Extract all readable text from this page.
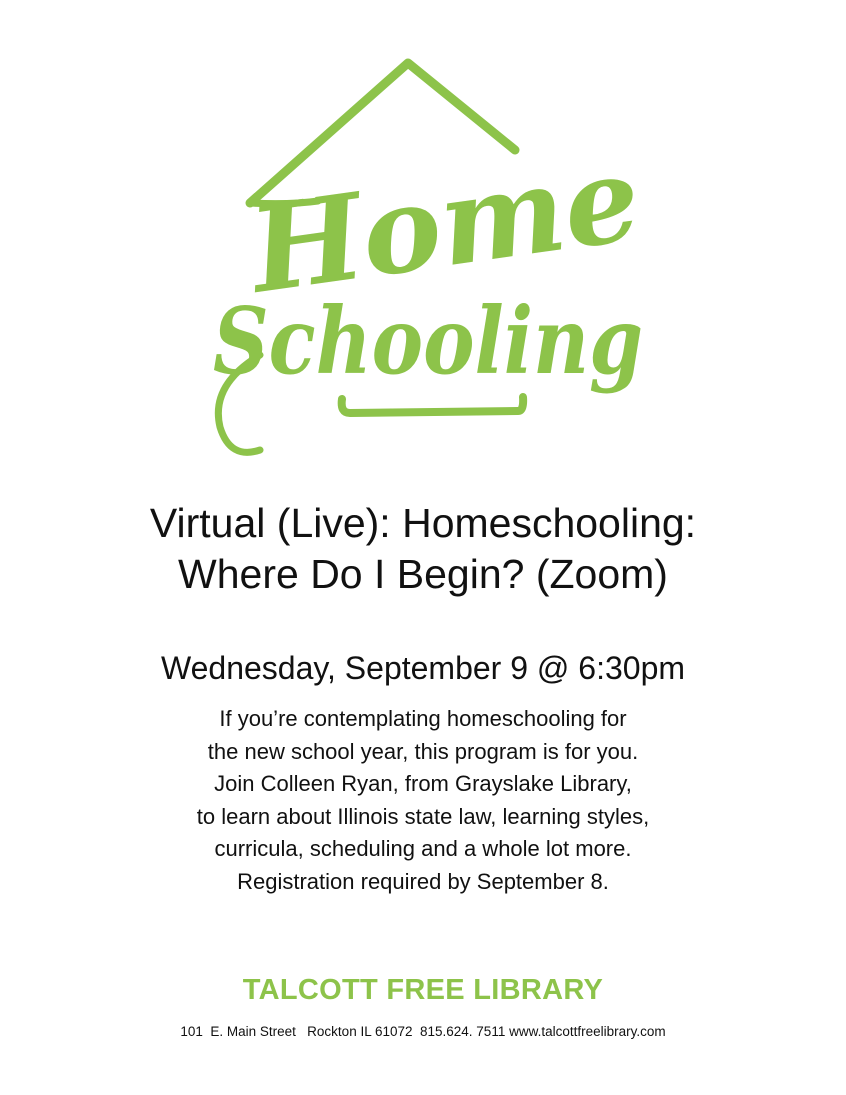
Home
Schooling
Virtual (Live): Homeschooling:
Where Do I Begin? (Zoom)
Wednesday, September 9 @ 6:30pm
If you’re contemplating homeschooling for
the new school year, this program is for you.
Join Colleen Ryan, from Grayslake Library,
to learn about Illinois state law, learning styles,
curricula, scheduling and a whole lot more.
Registration required by September 8.
TALCOTT FREE LIBRARY
101  E. Main Street   Rockton IL 61072  815.624. 7511 www.talcottfreelibrary.com
